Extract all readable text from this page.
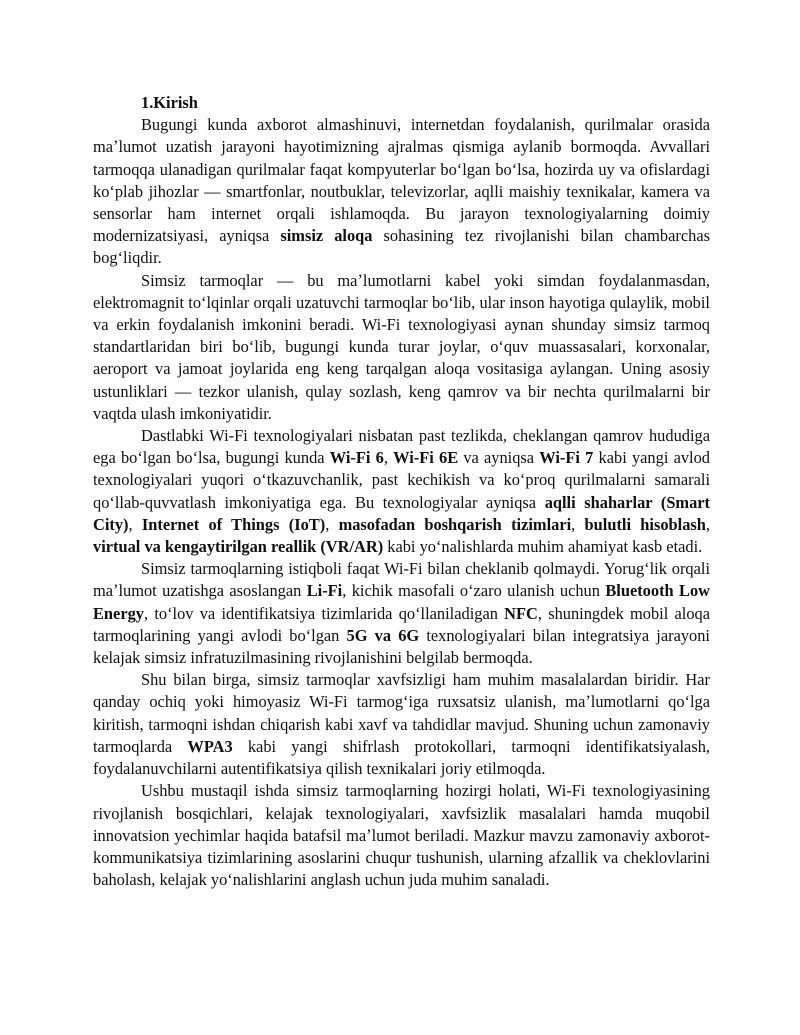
1.Kirish

Bugungi kunda axborot almashinuvi, internetdan foydalanish, qurilmalar orasida maʼlumot uzatish jarayoni hayotimizning ajralmas qismiga aylanib bormoqda. Avvallari tarmoqqa ulanadigan qurilmalar faqat kompyuterlar boʻlgan boʻlsa, hozirda uy va ofislardagi koʻplab jihozlar — smartfonlar, noutbuklar, televizorlar, aqlli maishiy texnikalar, kamera va sensorlar ham internet orqali ishlamoqda. Bu jarayon texnologiyalarning doimiy modernizatsiyasi, ayniqsa simsiz aloqa sohasining tez rivojlanishi bilan chambarchas bogʻliqdir.

Simsiz tarmoqlar — bu maʼlumotlarni kabel yoki simdan foydalanmasdan, elektromagnit toʻlqinlar orqali uzatuvchi tarmoqlar boʻlib, ular inson hayotiga qulaylik, mobil va erkin foydalanish imkonini beradi. Wi-Fi texnologiyasi aynan shunday simsiz tarmoq standartlaridan biri boʻlib, bugungi kunda turar joylar, oʻquv muassasalari, korxonalar, aeroport va jamoat joylarida eng keng tarqalgan aloqa vositasiga aylangan. Uning asosiy ustunliklari — tezkor ulanish, qulay sozlash, keng qamrov va bir nechta qurilmalarni bir vaqtda ulash imkoniyatidir.

Dastlabki Wi-Fi texnologiyalari nisbatan past tezlikda, cheklangan qamrov hududiga ega boʻlgan boʻlsa, bugungi kunda Wi-Fi 6, Wi-Fi 6E va ayniqsa Wi-Fi 7 kabi yangi avlod texnologiyalari yuqori oʻtkazuvchanlik, past kechikish va koʻproq qurilmalarni samarali qoʻllab-quvvatlash imkoniyatiga ega. Bu texnologiyalar ayniqsa aqlli shaharlar (Smart City), Internet of Things (IoT), masofadan boshqarish tizimlari, bulutli hisoblash, virtual va kengaytirilgan reallik (VR/AR) kabi yoʻnalishlarda muhim ahamiyat kasb etadi.

Simsiz tarmoqlarning istiqboli faqat Wi-Fi bilan cheklanib qolmaydi. Yorugʻlik orqali maʼlumot uzatishga asoslangan Li-Fi, kichik masofali oʻzaro ulanish uchun Bluetooth Low Energy, toʻlov va identifikatsiya tizimlarida qoʻllaniladigan NFC, shuningdek mobil aloqa tarmoqlarining yangi avlodi boʻlgan 5G va 6G texnologiyalari bilan integratsiya jarayoni kelajak simsiz infratuzilmasining rivojlanishini belgilab bermoqda.

Shu bilan birga, simsiz tarmoqlar xavfsizligi ham muhim masalalardan biridir. Har qanday ochiq yoki himoyasiz Wi-Fi tarmogʻiga ruxsatsiz ulanish, maʼlumotlarni qoʻlga kiritish, tarmoqni ishdan chiqarish kabi xavf va tahdidlar mavjud. Shuning uchun zamonaviy tarmoqlarda WPA3 kabi yangi shifrlash protokollari, tarmoqni identifikatsiyalash, foydalanuvchilarni autentifikatsiya qilish texnikalari joriy etilmoqda.

Ushbu mustaqil ishda simsiz tarmoqlarning hozirgi holati, Wi-Fi texnologiyasining rivojlanish bosqichlari, kelajak texnologiyalari, xavfsizlik masalalari hamda muqobil innovatsion yechimlar haqida batafsil maʼlumot beriladi. Mazkur mavzu zamonaviy axborot-kommunikatsiya tizimlarining asoslarini chuqur tushunish, ularning afzallik va cheklovlarini baholash, kelajak yoʻnalishlarini anglash uchun juda muhim sanaladi.
